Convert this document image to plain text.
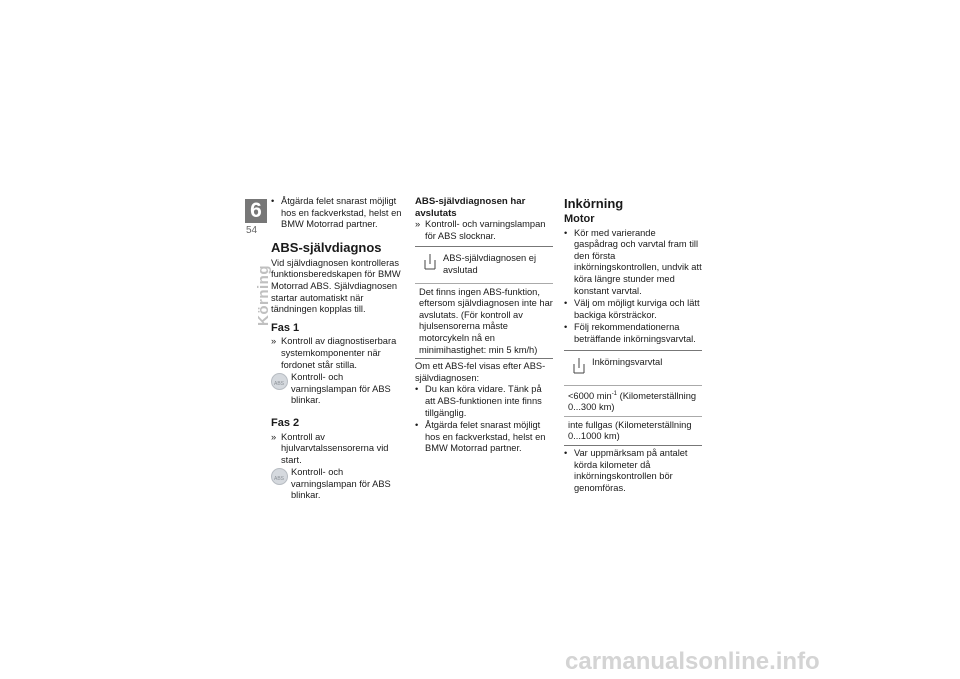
6
54
Körning
• Åtgärda felet snarast möjligt hos en fackverkstad, helst en BMW Motorrad partner.
ABS-självdiagnos
Vid självdiagnosen kontrolleras funktionsberedskapen för BMW Motorrad ABS. Självdiagnosen startar automatiskt när tändningen kopplas till.
Fas 1
» Kontroll av diagnostiserbara systemkomponenter när fordonet står stilla.
ABS
Kontroll- och varningslampan för ABS blinkar.
Fas 2
» Kontroll av hjulvarvtalssensorerna vid start.
ABS
Kontroll- och varningslampan för ABS blinkar.
ABS-självdiagnosen har avslutats
» Kontroll- och varningslampan för ABS slocknar.
ABS-självdiagnosen ej avslutad
Det finns ingen ABS-funktion, eftersom självdiagnosen inte har avslutats. (För kontroll av hjulsensorerna måste motorcykeln nå en minimihastighet: min 5 km/h)
Om ett ABS-fel visas efter ABS-självdiagnosen:
• Du kan köra vidare. Tänk på att ABS-funktionen inte finns tillgänglig.
• Åtgärda felet snarast möjligt hos en fackverkstad, helst en BMW Motorrad partner.
Inkörning
Motor
• Kör med varierande gaspådrag och varvtal fram till den första inkörningskontrollen, undvik att köra längre stunder med konstant varvtal.
• Välj om möjligt kurviga och lätt backiga körsträckor.
• Följ rekommendationerna beträffande inkörningsvarvtal.
Inkörningsvarvtal
<6000 $\min^{-1}$ (Kilometerställning 0...300 km)
inte fullgas (Kilometerställning 0...1000 km)
• Var uppmärksam på antalet körda kilometer då inkörningskontrollen bör genomföras.
carmanualsonline.info
